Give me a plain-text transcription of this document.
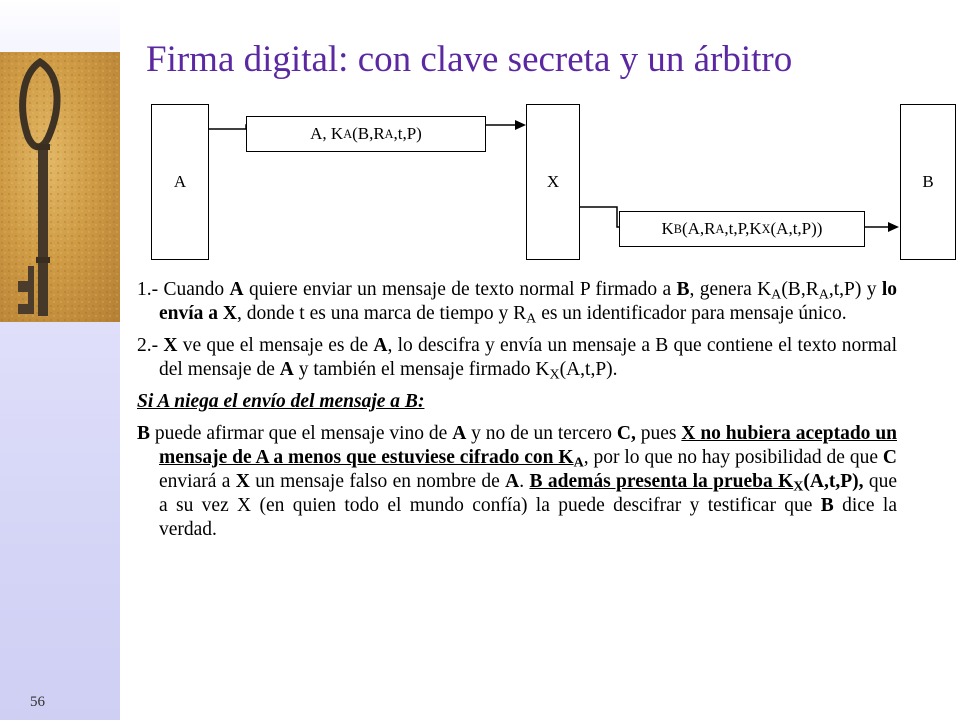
56
Firma digital: con clave secreta y un árbitro
A	X	B
A, K A (B,R A ,t,P)
K B (A,R A ,t,P,K X (A,t,P))

1.- Cuando A quiere enviar un mensaje de texto normal P firmado a B, genera $K_A(B,R_A,t,P)$ y lo envía a X, donde t es una marca de tiempo y $R_A$ es un identificador para mensaje único.

2.- X ve que el mensaje es de A, lo descifra y envía un mensaje a B que contiene el texto normal del mensaje de A y también el mensaje firmado $K_X(A,t,P)$.

Si A niega el envío del mensaje a B:

B puede afirmar que el mensaje vino de A y no de un tercero C, pues X no hubiera aceptado un mensaje de A a menos que estuviese cifrado con $K_A$, por lo que no hay posibilidad de que C enviará a X un mensaje falso en nombre de A. B además presenta la prueba $K_X(A,t,P)$, que a su vez X (en quien todo el mundo confía) la puede descifrar y testificar que B dice la verdad.
